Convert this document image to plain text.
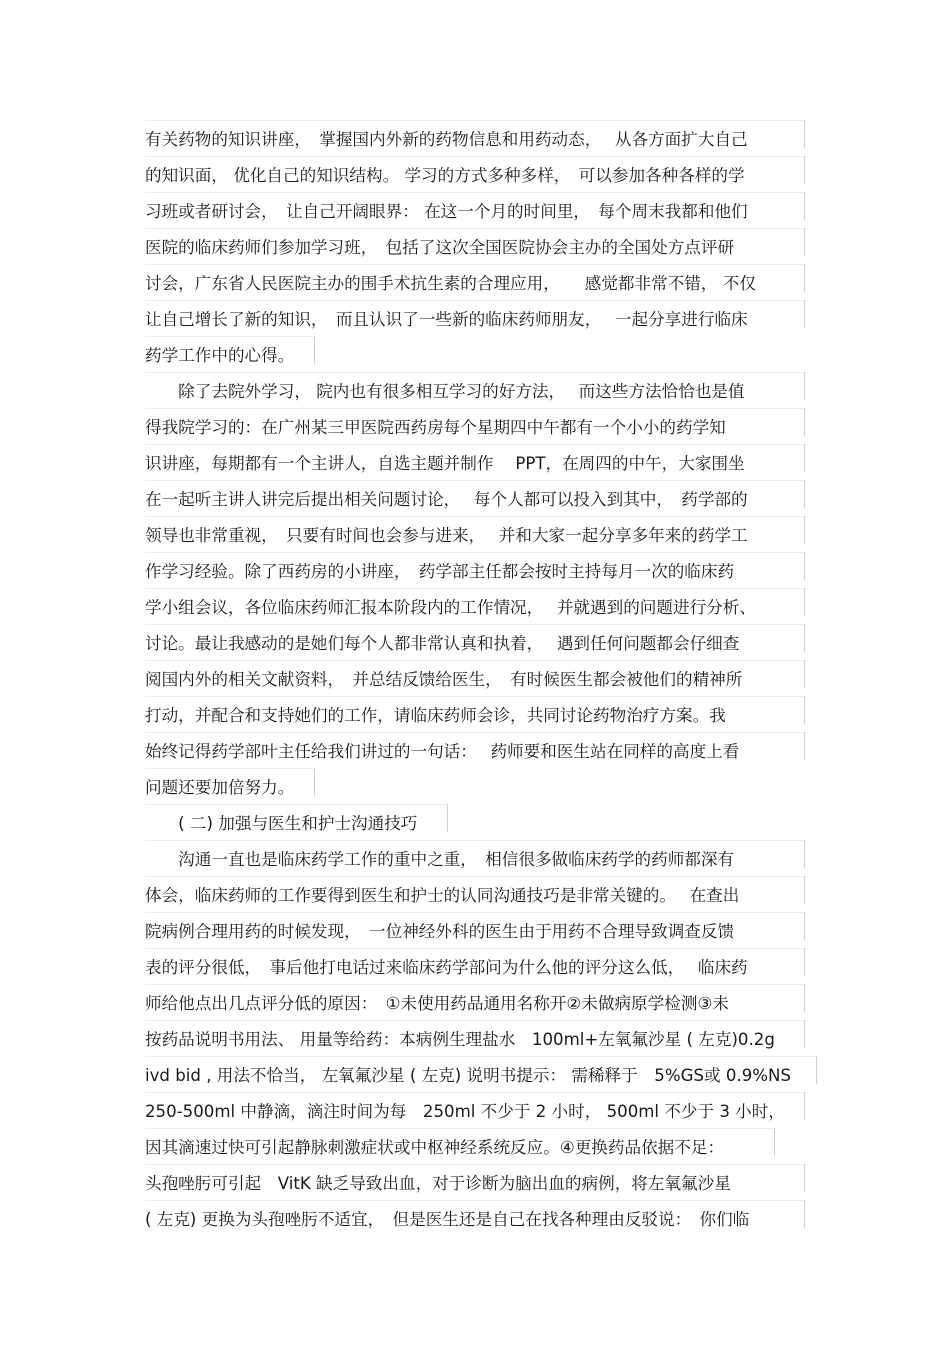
有关药物的知识讲座，　掌握国内外新的药物信息和用药动态，　 从各方面扩大自己
的知识面， 优化自己的知识结构。 学习的方式多种多样，　可以参加各种各样的学
习班或者研讨会，　让自己开阔眼界： 在这一个月的时间里，　每个周末我都和他们
医院的临床药师们参加学习班，　包括了这次全国医院协会主办的全国处方点评研
讨会，广东省人民医院主办的围手术抗生素的合理应用，　　感觉都非常不错， 不仅
让自己增长了新的知识，　而且认识了一些新的临床药师朋友，　 一起分享进行临床
药学工作中的心得。
　　除了去院外学习， 院内也有很多相互学习的好方法，　 而这些方法恰恰也是值
得我院学习的：在广州某三甲医院西药房每个星期四中午都有一个小小的药学知
识讲座，每期都有一个主讲人，自选主题并制作　 PPT，在周四的中午，大家围坐
在一起听主讲人讲完后提出相关问题讨论，　 每个人都可以投入到其中，　药学部的
领导也非常重视，　只要有时间也会参与进来，　 并和大家一起分享多年来的药学工
作学习经验。除了西药房的小讲座，　药学部主任都会按时主持每月一次的临床药
学小组会议，各位临床药师汇报本阶段内的工作情况，　 并就遇到的问题进行分析、
讨论。最让我感动的是她们每个人都非常认真和执着，　 遇到任何问题都会仔细查
阅国内外的相关文献资料，　并总结反馈给医生，　有时候医生都会被他们的精神所
打动，并配合和支持她们的工作，请临床药师会诊，共同讨论药物治疗方案。我
始终记得药学部叶主任给我们讲过的一句话：　 药师要和医生站在同样的高度上看
问题还要加倍努力。
　　( 二) 加强与医生和护士沟通技巧
　　沟通一直也是临床药学工作的重中之重，　相信很多做临床药学的药师都深有
体会，临床药师的工作要得到医生和护士的认同沟通技巧是非常关键的。　 在查出
院病例合理用药的时候发现，　一位神经外科的医生由于用药不合理导致调查反馈
表的评分很低，　事后他打电话过来临床药学部问为什么他的评分这么低，　 临床药
师给他点出几点评分低的原因：　①未使用药品通用名称开②未做病原学检测③未
按药品说明书用法、 用量等给药：本病例生理盐水　100ml+左氧氟沙星 ( 左克)0.2g
ivd bid , 用法不恰当， 左氧氟沙星 ( 左克) 说明书提示： 需稀释于　5%GS或 0.9%NS
250-500ml 中静滴，滴注时间为每　250ml 不少于 2 小时， 500ml 不少于 3 小时，
因其滴速过快可引起静脉刺激症状或中枢神经系统反应。④更换药品依据不足：
头孢唑肟可引起　VitK 缺乏导致出血，对于诊断为脑出血的病例，将左氧氟沙星
( 左克) 更换为头孢唑肟不适宜，　但是医生还是自己在找各种理由反驳说：　你们临
